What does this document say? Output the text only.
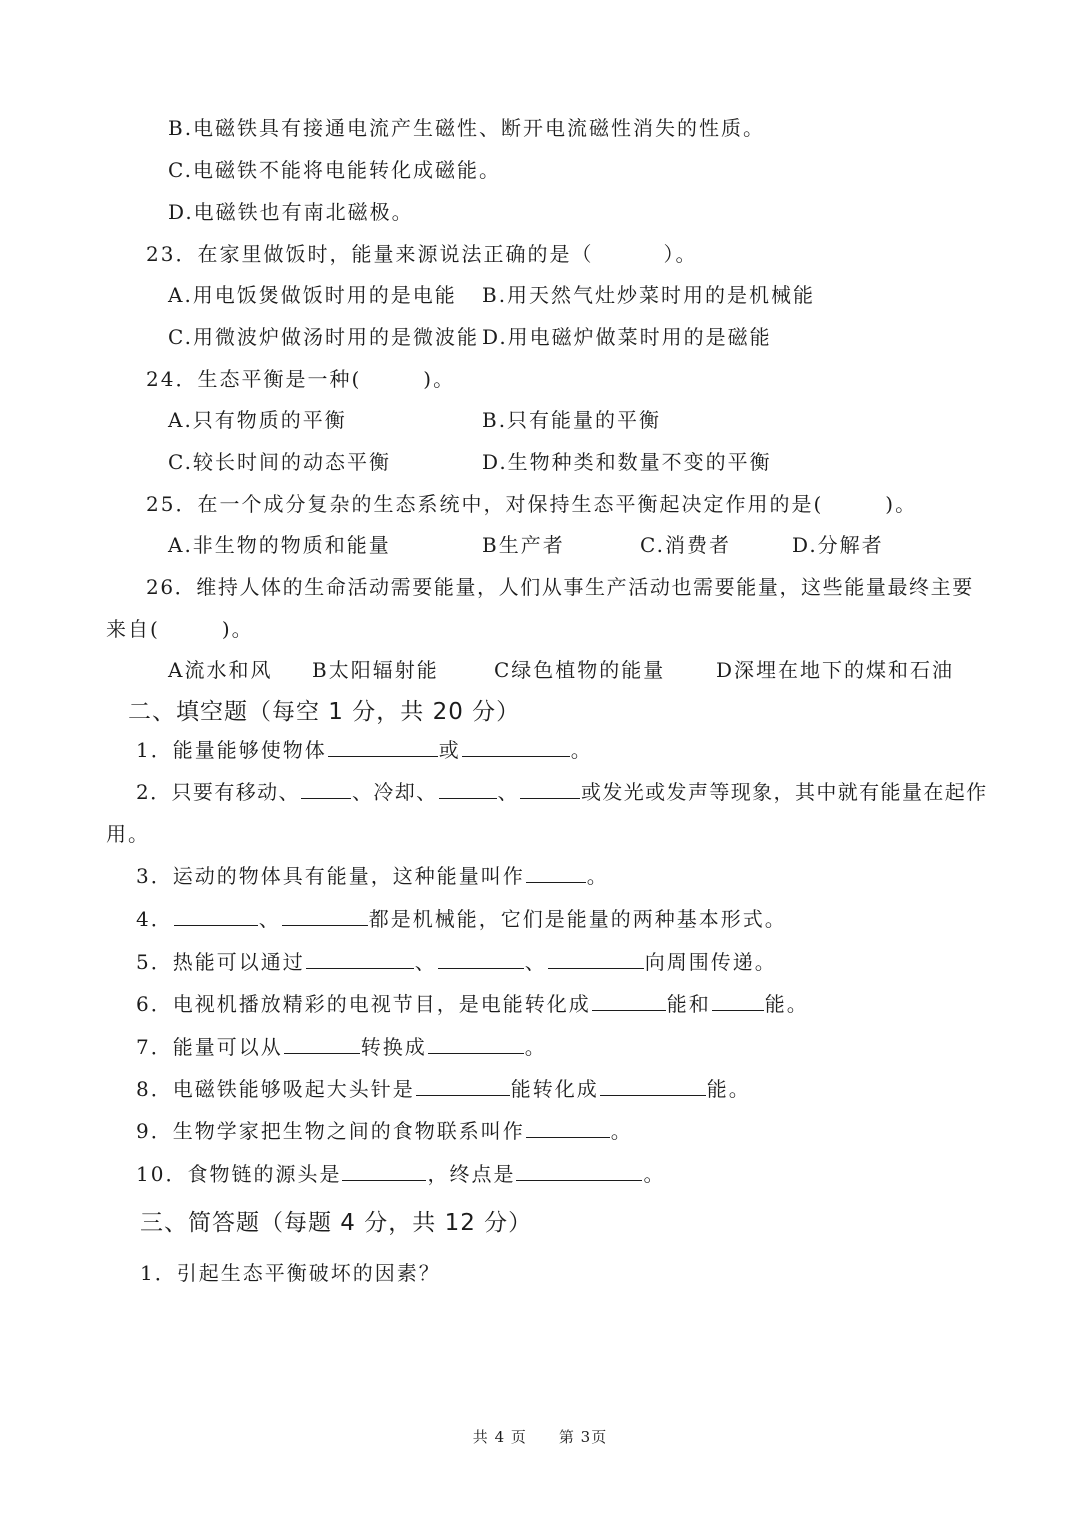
B.电磁铁具有接通电流产生磁性、断开电流磁性消失的性质。
C.电磁铁不能将电能转化成磁能。
D.电磁铁也有南北磁极。
23．在家里做饭时，能量来源说法正确的是（	）。
A.用电饭煲做饭时用的是电能 B.用天然气灶炒菜时用的是机械能
C.用微波炉做汤时用的是微波能 D.用电磁炉做菜时用的是磁能
24．生态平衡是一种(	)。
A.只有物质的平衡	B.只有能量的平衡
C.较长时间的动态平衡	D.生物种类和数量不变的平衡
25．在一个成分复杂的生态系统中，对保持生态平衡起决定作用的是(	)。
A.非生物的物质和能量	B生产者	C.消费者	D.分解者
26．维持人体的生命活动需要能量，人们从事生产活动也需要能量，这些能量最终主要
来自(	)。
A流水和风 B太阳辐射能	C绿色植物的能量	D深埋在地下的煤和石油
二、填空题（每空 1 分，共 20 分）
1．能量能够使物体	或	。
2．只要有移动、	、冷却、	、	或发光或发声等现象，其中就有能量在起作
用。
3．运动的物体具有能量，这种能量叫作	。
4．	、	都是机械能，它们是能量的两种基本形式。
5．热能可以通过	、	、	向周围传递。
6．电视机播放精彩的电视节目，是电能转化成	能和	能。
7．能量可以从	转换成	。
8．电磁铁能够吸起大头针是	能转化成	能。
9．生物学家把生物之间的食物联系叫作	。
10．食物链的源头是	，终点是	。
三、简答题（每题 4 分，共 12 分）
1．引起生态平衡破坏的因素？
共 4 页 第 3页
